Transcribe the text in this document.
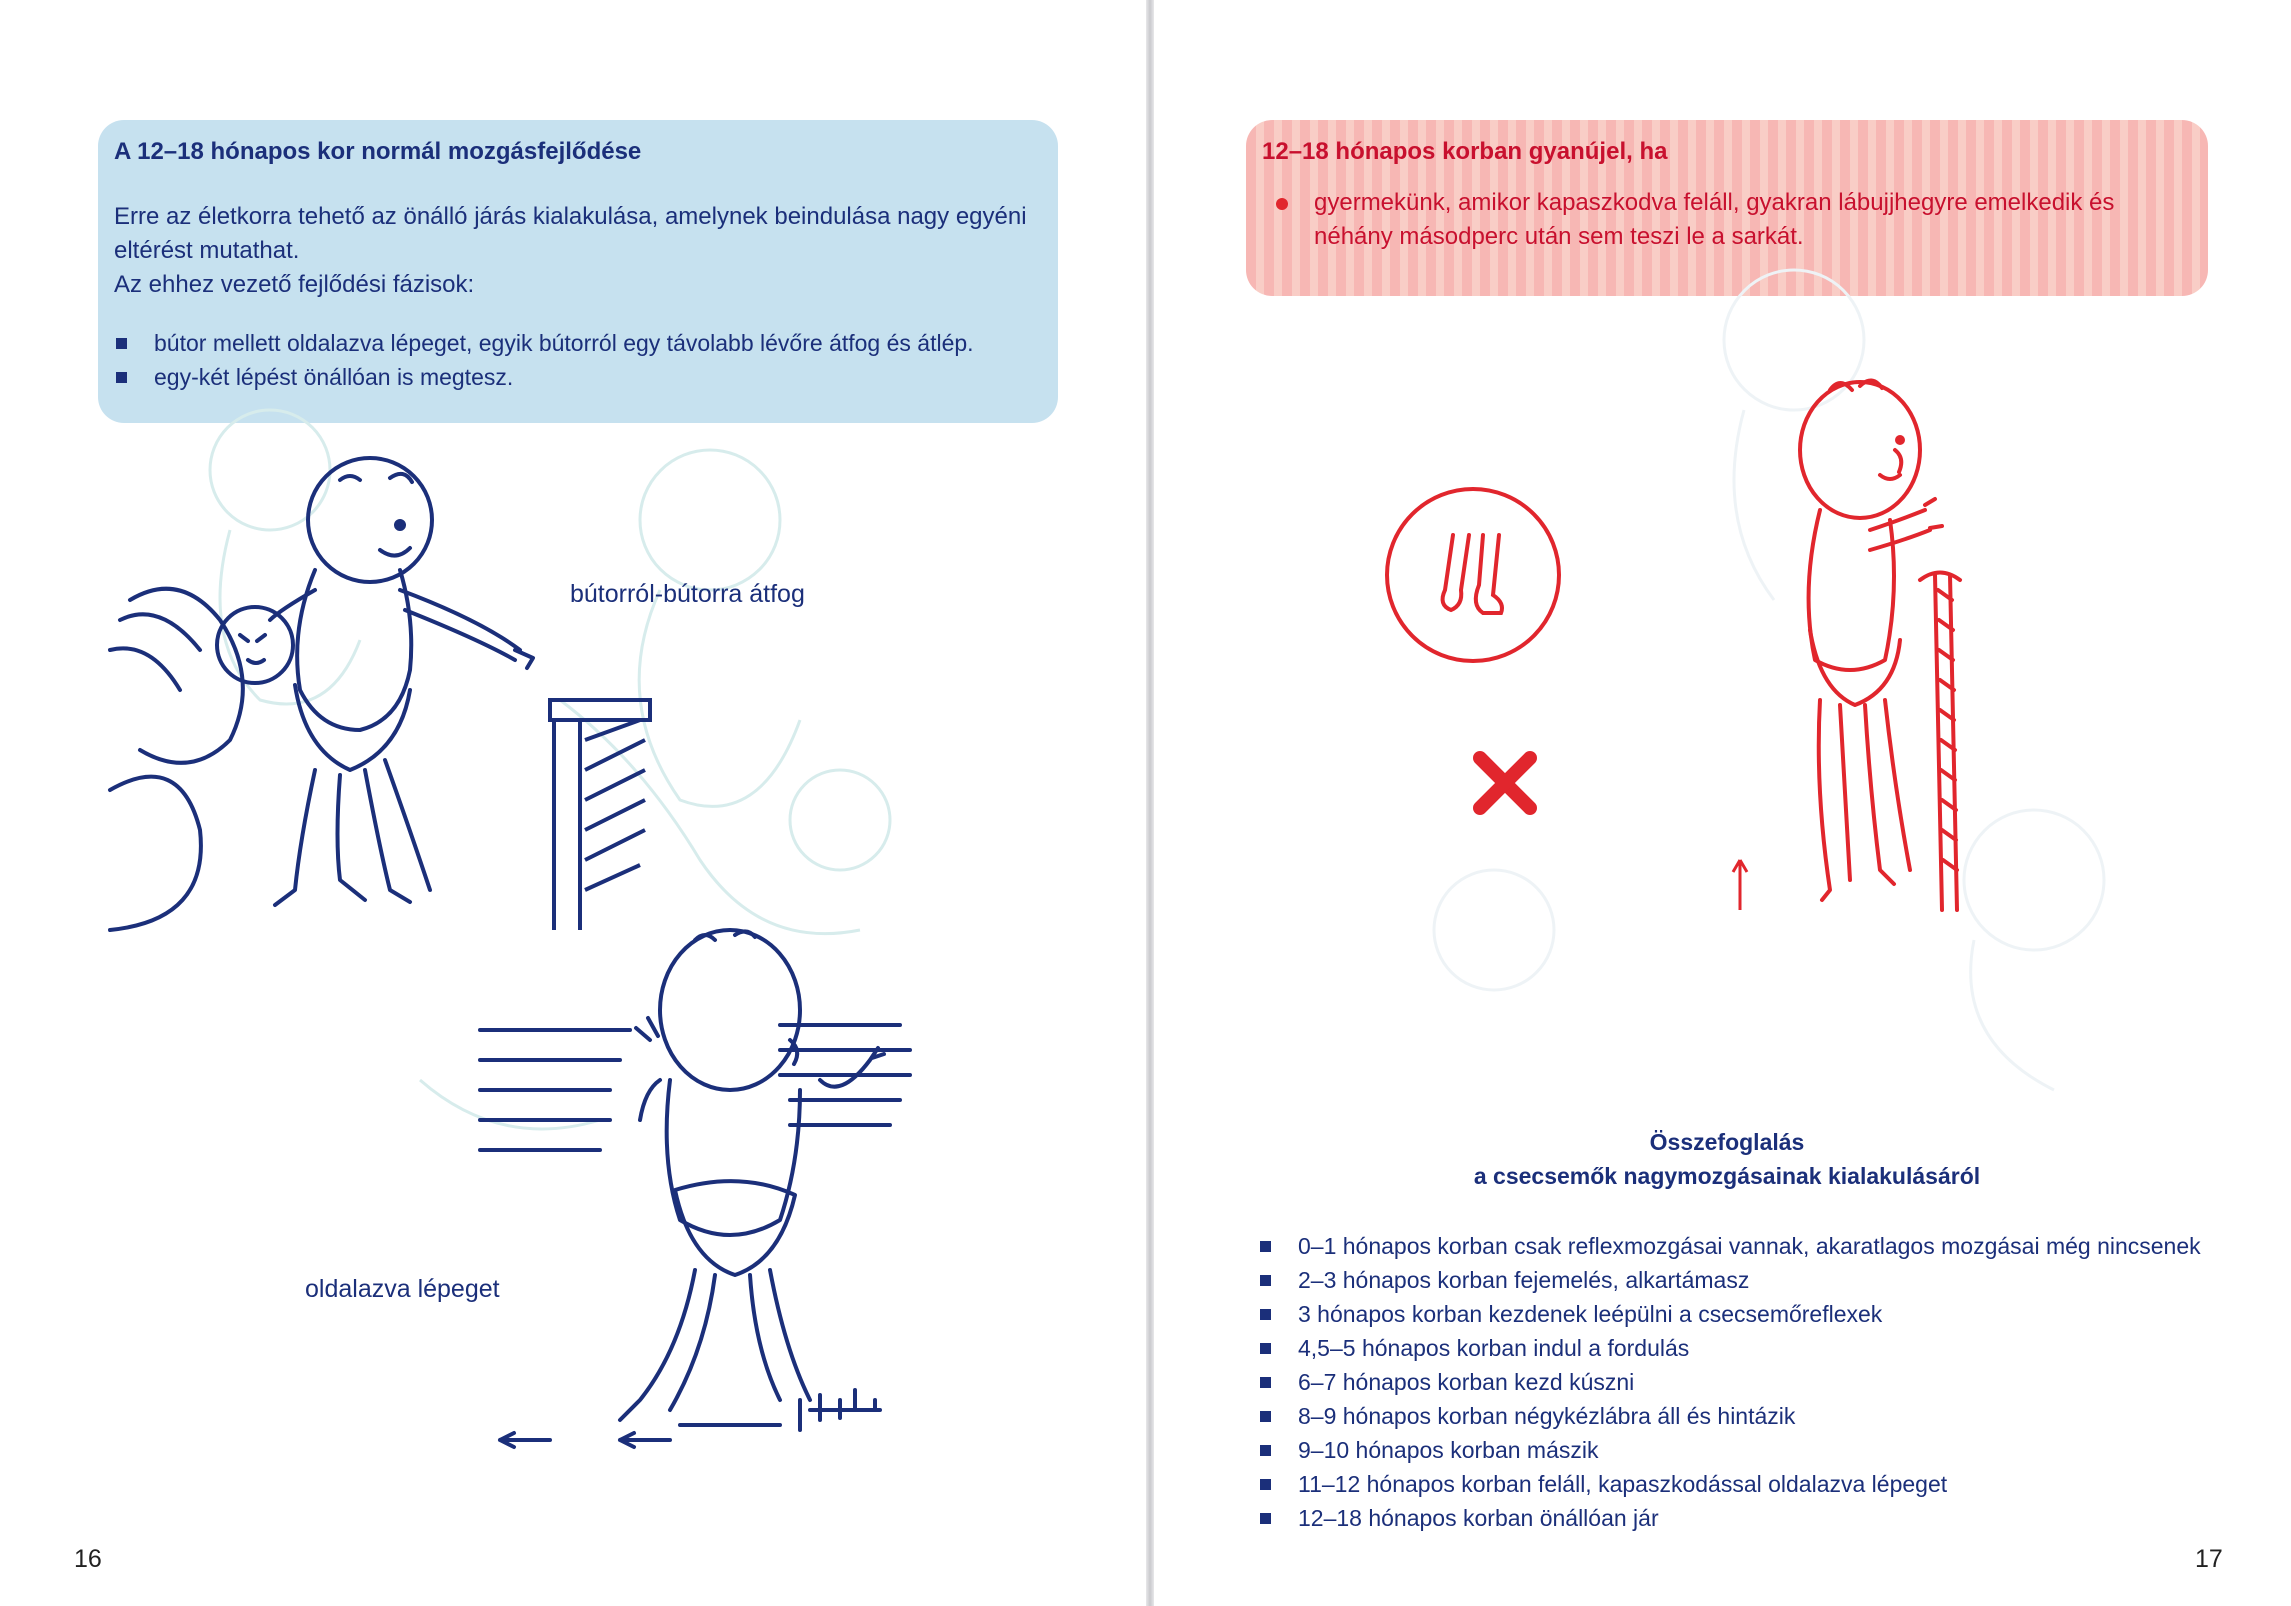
A 12–18 hónapos kor normál mozgásfejlődése

Erre az életkorra tehető az önálló járás kialakulása, amelynek beindulása nagy egyéni eltérést mutathat.
Az ehhez vezető fejlődési fázisok:

bútor mellett oldalazva lépeget, egyik bútorról egy távolabb lévőre átfog és átlép.
egy-két lépést önállóan is megtesz.
bútorról-bútorra átfog
oldalazva lépeget
16
12–18 hónapos korban gyanújel, ha
gyermekünk, amikor kapaszkodva feláll, gyakran lábujjhegyre emelkedik és néhány másodperc után sem teszi le a sarkát.
Összefoglalás
a csecsemők nagymozgásainak kialakulásáról
0–1 hónapos korban csak reflexmozgásai vannak, akaratlagos mozgásai még nincsenek
2–3 hónapos korban fejemelés, alkartámasz
3 hónapos korban kezdenek leépülni a csecsemőreflexek
4,5–5 hónapos korban indul a fordulás
6–7 hónapos korban kezd kúszni
8–9 hónapos korban négykézlábra áll és hintázik
9–10 hónapos korban mászik
11–12 hónapos korban feláll, kapaszkodással oldalazva lépeget
12–18 hónapos korban önállóan jár
17
